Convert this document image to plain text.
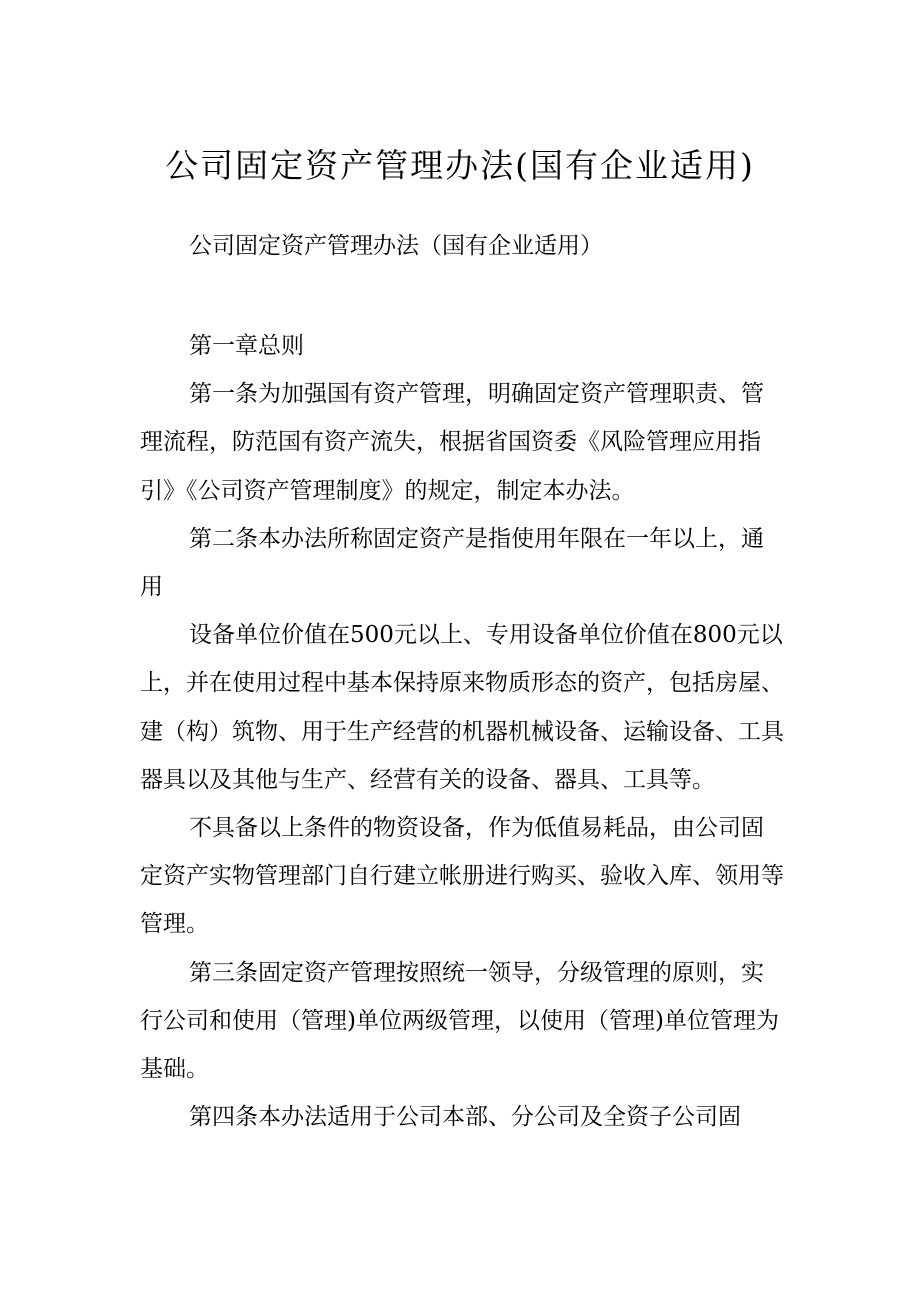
公司固定资产管理办法(国有企业适用)

公司固定资产管理办法（国有企业适用）

第一章总则

第一条为加强国有资产管理，明确固定资产管理职责、管理流程，防范国有资产流失，根据省国资委《风险管理应用指引》《公司资产管理制度》的规定，制定本办法。

第二条本办法所称固定资产是指使用年限在一年以上，通用

设备单位价值在500元以上、专用设备单位价值在800元以上，并在使用过程中基本保持原来物质形态的资产，包括房屋、建（构）筑物、用于生产经营的机器机械设备、运输设备、工具器具以及其他与生产、经营有关的设备、器具、工具等。

不具备以上条件的物资设备，作为低值易耗品，由公司固定资产实物管理部门自行建立帐册进行购买、验收入库、领用等管理。

第三条固定资产管理按照统一领导，分级管理的原则，实行公司和使用（管理)单位两级管理，以使用（管理)单位管理为基础。

第四条本办法适用于公司本部、分公司及全资子公司固
